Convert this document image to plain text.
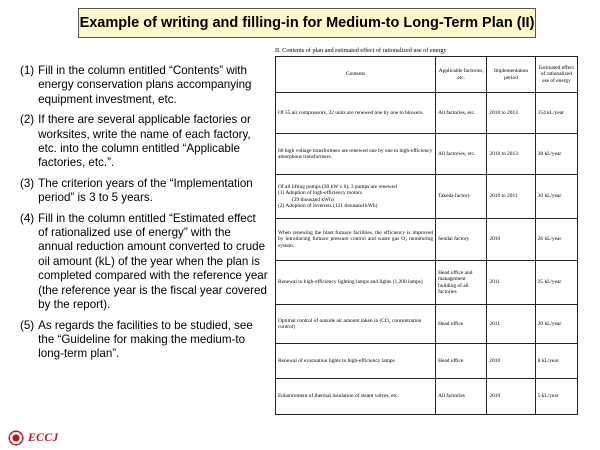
Example of writing and filling-in for Medium-to Long-Term Plan (II)
(1) Fill in the column entitled “Contents” with energy conservation plans accompanying equipment investment, etc.
(2) If there are several applicable factories or worksites, write the name of each factory, etc. into the column entitled “Applicable factories, etc.”.
(3) The criterion years of the “Implementation period” is 3 to 5 years.
(4) Fill in the column entitled “Estimated effect of rationalized use of energy” with the annual reduction amount converted to crude oil amount (kL) of the year when the plan is completed compared with the reference year (the reference year is the fiscal year covered by the report).
(5) As regards the facilities to be studied, see the “Guideline for making the medium-to long-term plan”.
II. Contents of plan and estimated effect of rationalized use of energy
Contents	Applicable factories, etc.	Implementation period	Estimated effect of rationalized use of energy

Of 55 air compressors, 32 units are renewed one by one to blowers.	All factories, etc.	2010 to 2013	154 kL/year

66 high voltage transformers are renewed one by one to high-efficiency amorphous transformers.	All factories, etc.	2010 to 2013	38 kL/year

Of all lifting pumps (30 kW x 6), 3 pumps are renewed
(1) Adoption of high-efficiency motors
(29 thousand kWh)
(2) Adoption of inverters (121 thousand kWh)	Takeda factory	2010 to 2011	30 kL/year

When renewing the blast furnace facilities, the efficiency is improved by introducing furnace pressure control and waste gas O₂ monitoring system.	Sendai factory	2010	26 kL/year

Renewal to high-efficiency lighting lamps and lights (1,200 lamps)	Head office and management building of all factories	2011	25 kL/year

Optimal control of outside air amount taken in (CO₂ concentration control)	Head office	2011	20 kL/year

Renewal of evacuation lights to high-efficiency lamps	Head office	2010	8 kL/year

Enhancement of thermal insulation of steam valves, etc.	All factories	2010	5 kL/year
ECCJ
